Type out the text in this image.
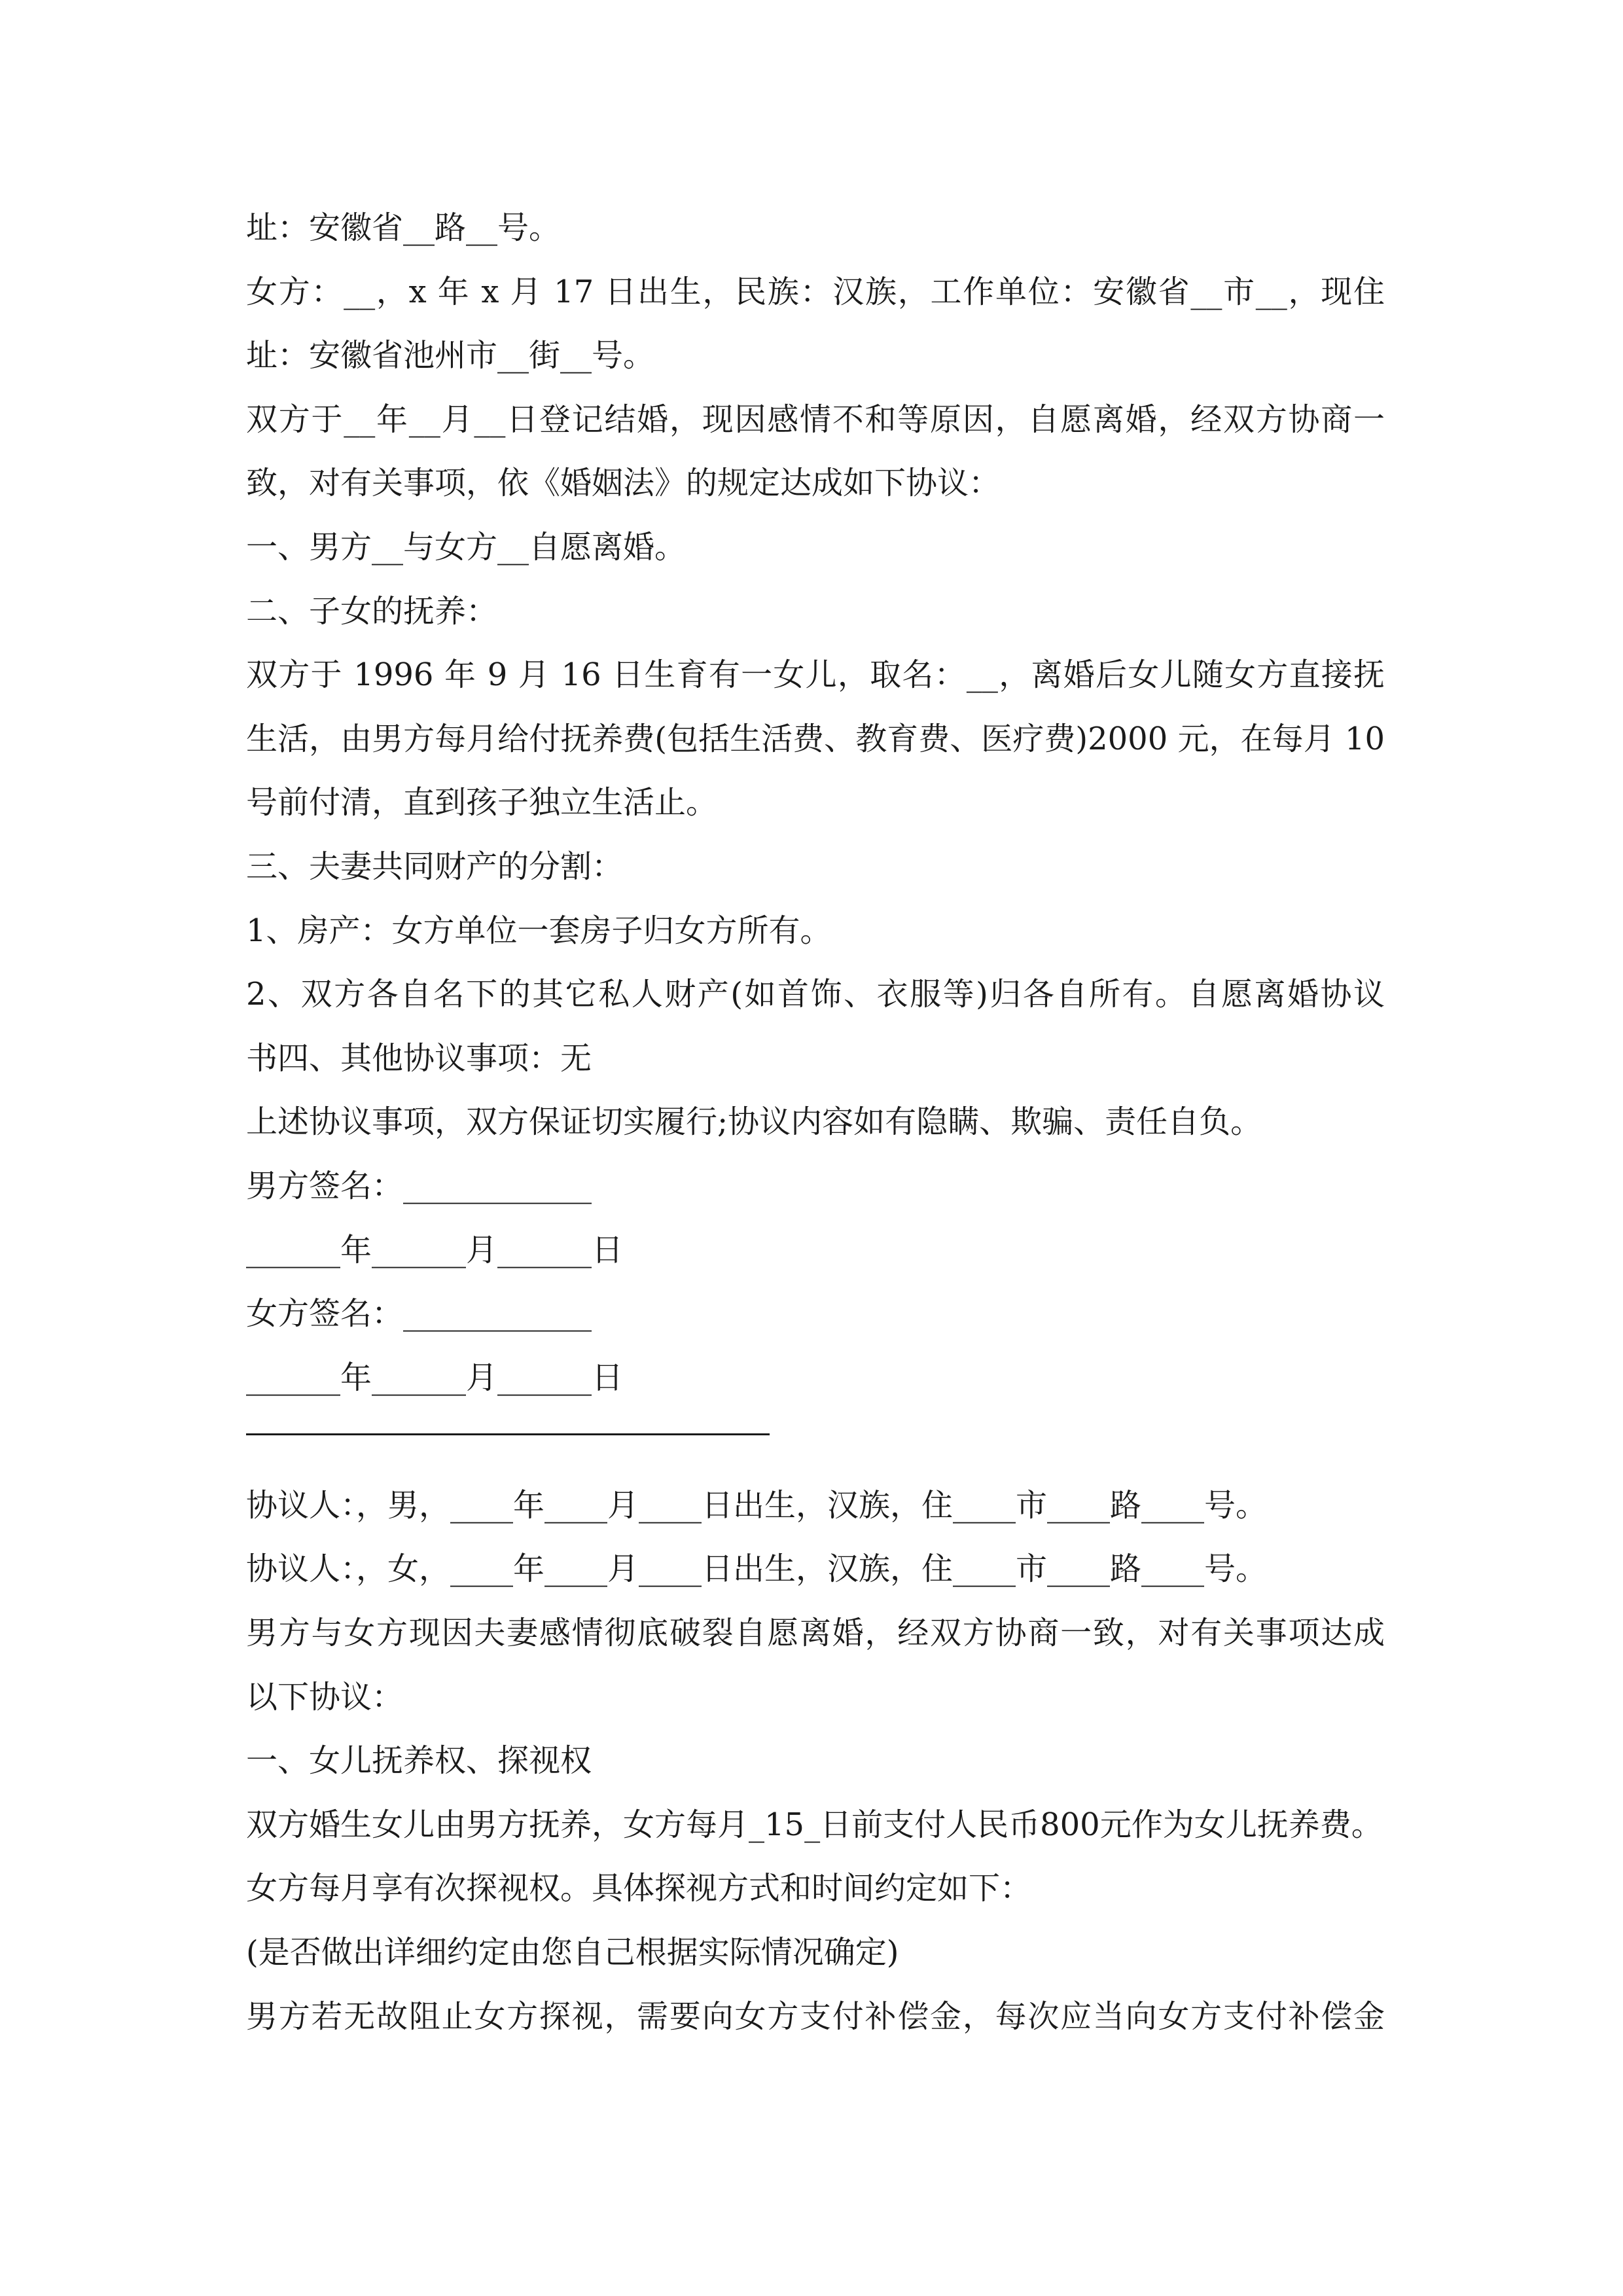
址：安徽省__路__号。
女方：__，x 年 x 月 17 日出生，民族：汉族，工作单位：安徽省__市__，现住
址：安徽省池州市__街__号。
双方于__年__月__日登记结婚，现因感情不和等原因，自愿离婚，经双方协商一
致，对有关事项，依《婚姻法》的规定达成如下协议：
一、男方__与女方__自愿离婚。
二、子女的抚养：
双方于 1996 年 9 月 16 日生育有一女儿，取名：__，离婚后女儿随女方直接抚
生活，由男方每月给付抚养费(包括生活费、教育费、医疗费)2000 元，在每月 10
号前付清，直到孩子独立生活止。
三、夫妻共同财产的分割：
1、房产：女方单位一套房子归女方所有。
2、双方各自名下的其它私人财产(如首饰、衣服等)归各自所有。自愿离婚协议
书四、其他协议事项：无
上述协议事项，双方保证切实履行;协议内容如有隐瞒、欺骗、责任自负。
男方签名：____________
______年______月______日
女方签名：____________
______年______月______日
协议人：，男，____年____月____日出生，汉族，住____市____路____号。
协议人：，女，____年____月____日出生，汉族，住____市____路____号。
男方与女方现因夫妻感情彻底破裂自愿离婚，经双方协商一致，对有关事项达成
以下协议：
一、女儿抚养权、探视权
双方婚生女儿由男方抚养，女方每月_15_日前支付人民币800元作为女儿抚养费。
女方每月享有次探视权。具体探视方式和时间约定如下：
(是否做出详细约定由您自己根据实际情况确定)
男方若无故阻止女方探视，需要向女方支付补偿金，每次应当向女方支付补偿金
